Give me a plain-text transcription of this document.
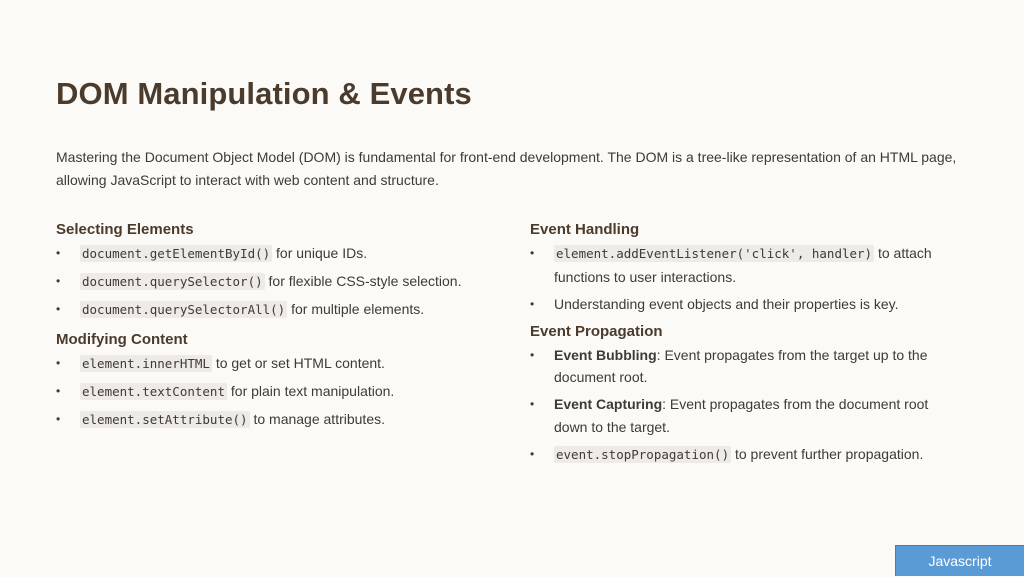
DOM Manipulation & Events

Mastering the Document Object Model (DOM) is fundamental for front-end development. The DOM is a tree-like representation of an HTML page, allowing JavaScript to interact with web content and structure.

Selecting Elements
• document.getElementById() for unique IDs.
• document.querySelector() for flexible CSS-style selection.
• document.querySelectorAll() for multiple elements.
Modifying Content
• element.innerHTML to get or set HTML content.
• element.textContent for plain text manipulation.
• element.setAttribute() to manage attributes.
Event Handling
• element.addEventListener('click', handler) to attach functions to user interactions.
• Understanding event objects and their properties is key.
Event Propagation
• Event Bubbling: Event propagates from the target up to the document root.
• Event Capturing: Event propagates from the document root down to the target.
• event.stopPropagation() to prevent further propagation.
Javascript
